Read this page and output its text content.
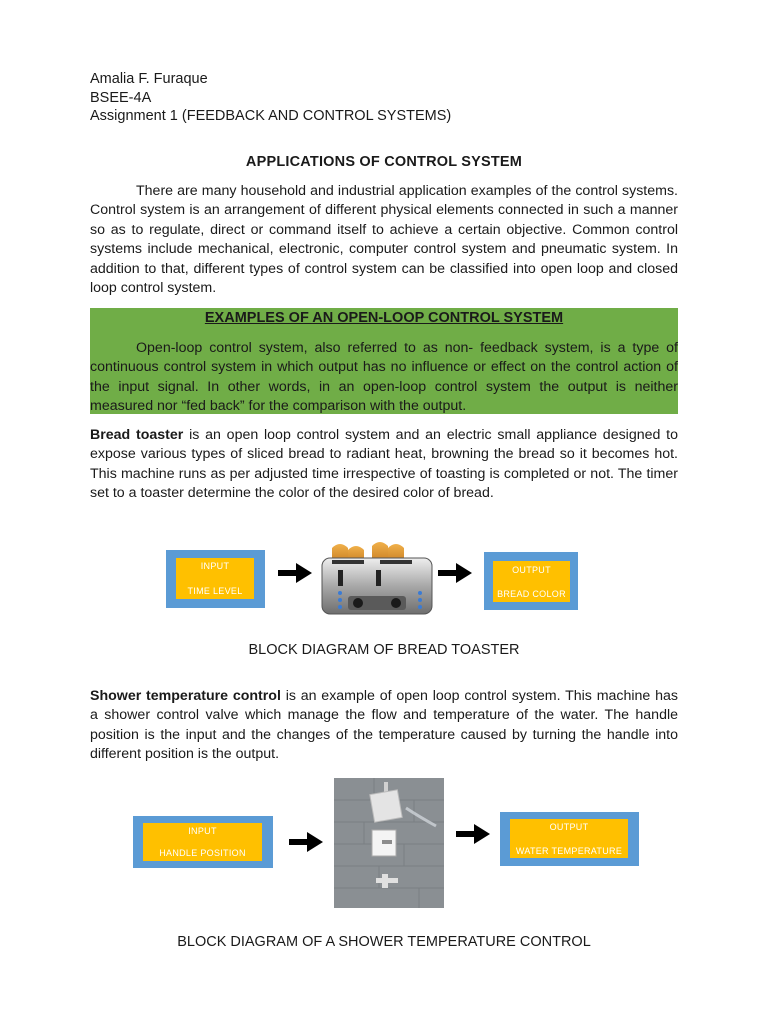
Amalia F. Furaque
BSEE-4A
Assignment 1 (FEEDBACK AND CONTROL SYSTEMS)
APPLICATIONS OF CONTROL SYSTEM

There are many household and industrial application examples of the control systems. Control system is an arrangement of different physical elements connected in such a manner so as to regulate, direct or command itself to achieve a certain objective. Common control systems include mechanical, electronic, computer control system and pneumatic system. In addition to that, different types of control system can be classified into open loop and closed loop control system.

EXAMPLES OF AN OPEN-LOOP CONTROL SYSTEM

Open-loop control system, also referred to as non- feedback system, is a type of continuous control system in which output has no influence or effect on the control action of the input signal. In other words, in an open-loop control system the output is neither measured nor “fed back” for the comparison with the output.

Bread toaster is an open loop control system and an electric small appliance designed to expose various types of sliced bread to radiant heat, browning the bread so it becomes hot. This machine runs as per adjusted time irrespective of toasting is completed or not. The timer set to a toaster determine the color of the desired color of bread.

INPUT
TIME LEVEL
OUTPUT
BREAD COLOR
BLOCK DIAGRAM OF BREAD TOASTER

Shower temperature control is an example of open loop control system. This machine has a shower control valve which manage the flow and temperature of the water. The handle position is the input and the changes of the temperature caused by turning the handle into different position is the output.

INPUT
HANDLE POSITION
OUTPUT
WATER TEMPERATURE
BLOCK DIAGRAM OF A SHOWER TEMPERATURE CONTROL
